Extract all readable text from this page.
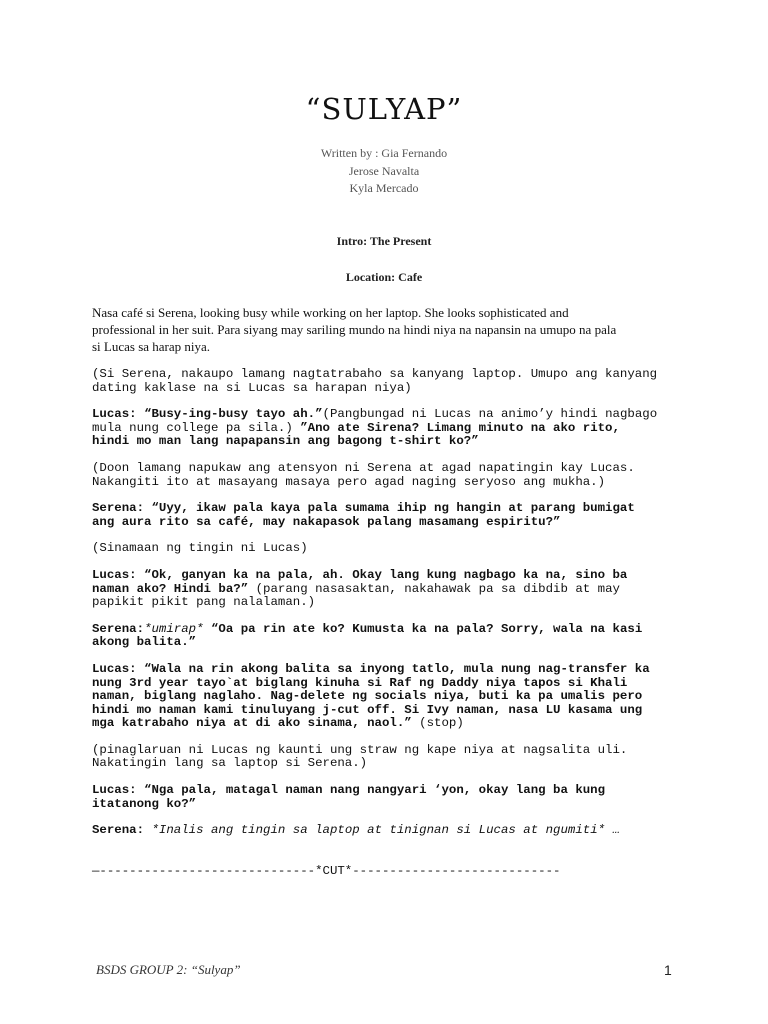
“SULYAP”
Written by : Gia Fernando
Jerose Navalta
Kyla Mercado
Intro: The Present
Location: Cafe
Nasa café si Serena, looking busy while working on her laptop. She looks sophisticated and
professional in her suit. Para siyang may sariling mundo na hindi niya na napansin na umupo na pala
si Lucas sa harap niya.
(Si Serena, nakaupo lamang nagtatrabaho sa kanyang laptop. Umupo ang kanyang
dating kaklase na si Lucas sa harapan niya)
Lucas: “Busy-ing-busy tayo ah.”(Pangbungad ni Lucas na animo’y hindi nagbago
mula nung college pa sila.) ”Ano ate Sirena? Limang minuto na ako rito,
hindi mo man lang napapansin ang bagong t-shirt ko?”
(Doon lamang napukaw ang atensyon ni Serena at agad napatingin kay Lucas.
Nakangiti ito at masayang masaya pero agad naging seryoso ang mukha.)
Serena: “Uyy, ikaw pala kaya pala sumama ihip ng hangin at parang bumigat
ang aura rito sa café, may nakapasok palang masamang espiritu?”
(Sinamaan ng tingin ni Lucas)
Lucas: “Ok, ganyan ka na pala, ah. Okay lang kung nagbago ka na, sino ba
naman ako? Hindi ba?” (parang nasasaktan, nakahawak pa sa dibdib at may
papikit pikit pang nalalaman.)
Serena:*umirap* “Oa pa rin ate ko? Kumusta ka na pala? Sorry, wala na kasi
akong balita.”
Lucas: “Wala na rin akong balita sa inyong tatlo, mula nung nag-transfer ka
nung 3rd year tayo`at biglang kinuha si Raf ng Daddy niya tapos si Khali
naman, biglang naglaho. Nag-delete ng socials niya, buti ka pa umalis pero
hindi mo naman kami tinuluyang j-cut off. Si Ivy naman, nasa LU kasama ung
mga katrabaho niya at di ako sinama, naol.” (stop)
(pinaglaruan ni Lucas ng kaunti ung straw ng kape niya at nagsalita uli.
Nakatingin lang sa laptop si Serena.)
Lucas: “Nga pala, matagal naman nang nangyari ‘yon, okay lang ba kung
itatanong ko?”
Serena: *Inalis ang tingin sa laptop at tinignan si Lucas at ngumiti* …
—-----------------------------*CUT*----------------------------
BSDS GROUP 2: “Sulyap”	1
